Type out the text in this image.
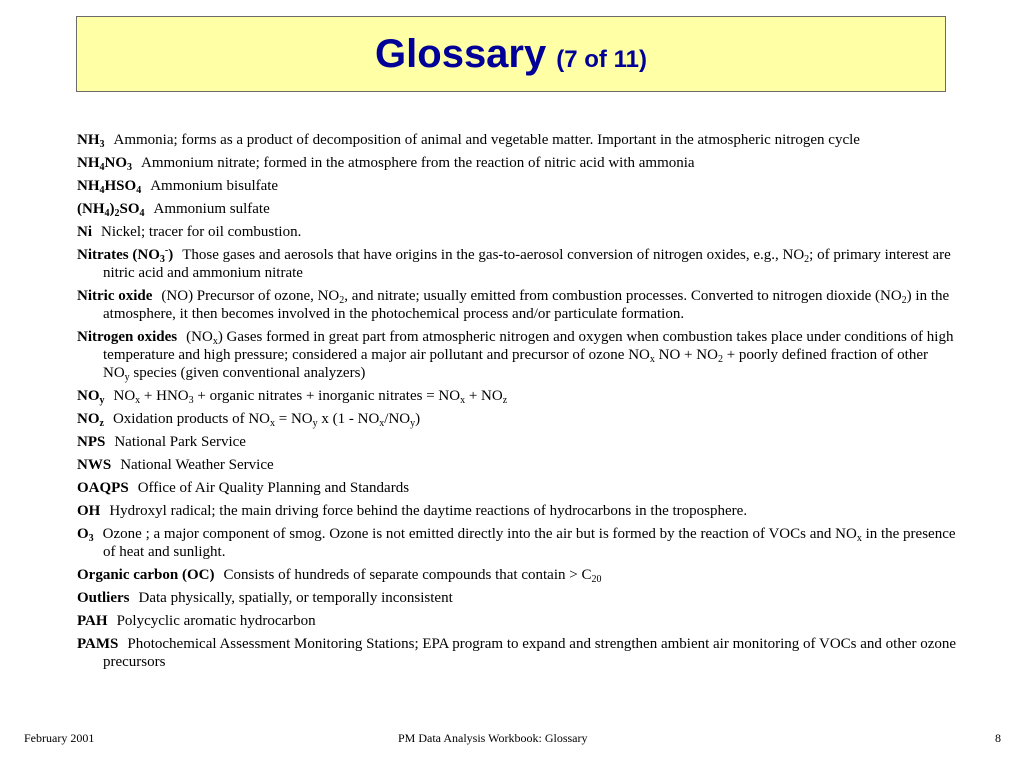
Glossary (7 of 11)
$NH_3$ Ammonia; forms as a product of decomposition of animal and vegetable matter. Important in the atmospheric nitrogen cycle
$NH_4NO_3$ Ammonium nitrate; formed in the atmosphere from the reaction of nitric acid with ammonia
$NH_4HSO_4$ Ammonium bisulfate
$(NH_4)_2SO_4$ Ammonium sulfate
Ni Nickel; tracer for oil combustion.
Nitrates $(NO_3^-)$ Those gases and aerosols that have origins in the gas-to-aerosol conversion of nitrogen oxides, e.g., $NO_2$; of primary interest are nitric acid and ammonium nitrate
Nitric oxide (NO) Precursor of ozone, $NO_2$, and nitrate; usually emitted from combustion processes. Converted to nitrogen dioxide $(NO_2)$ in the atmosphere, it then becomes involved in the photochemical process and/or particulate formation.
Nitrogen oxides $(NO_x)$ Gases formed in great part from atmospheric nitrogen and oxygen when combustion takes place under conditions of high temperature and high pressure; considered a major air pollutant and precursor of ozone $NO_x$ NO + $NO_2$ + poorly defined fraction of other $NO_y$ species (given conventional analyzers)
$NO_y$ $NO_x + HNO_3$ + organic nitrates + inorganic nitrates = $NO_x + NO_z$
$NO_z$ Oxidation products of $NO_x = NO_y$ x $(1 - NO_x/NO_y)$
NPS National Park Service
NWS National Weather Service
OAQPS Office of Air Quality Planning and Standards
OH Hydroxyl radical; the main driving force behind the daytime reactions of hydrocarbons in the troposphere.
$O_3$ Ozone ; a major component of smog. Ozone is not emitted directly into the air but is formed by the reaction of VOCs and $NO_x$ in the presence of heat and sunlight.
Organic carbon (OC) Consists of hundreds of separate compounds that contain > $C_{20}$
Outliers Data physically, spatially, or temporally inconsistent
PAH Polycyclic aromatic hydrocarbon
PAMS Photochemical Assessment Monitoring Stations; EPA program to expand and strengthen ambient air monitoring of VOCs and other ozone precursors
February 2001	PM Data Analysis Workbook: Glossary	8
